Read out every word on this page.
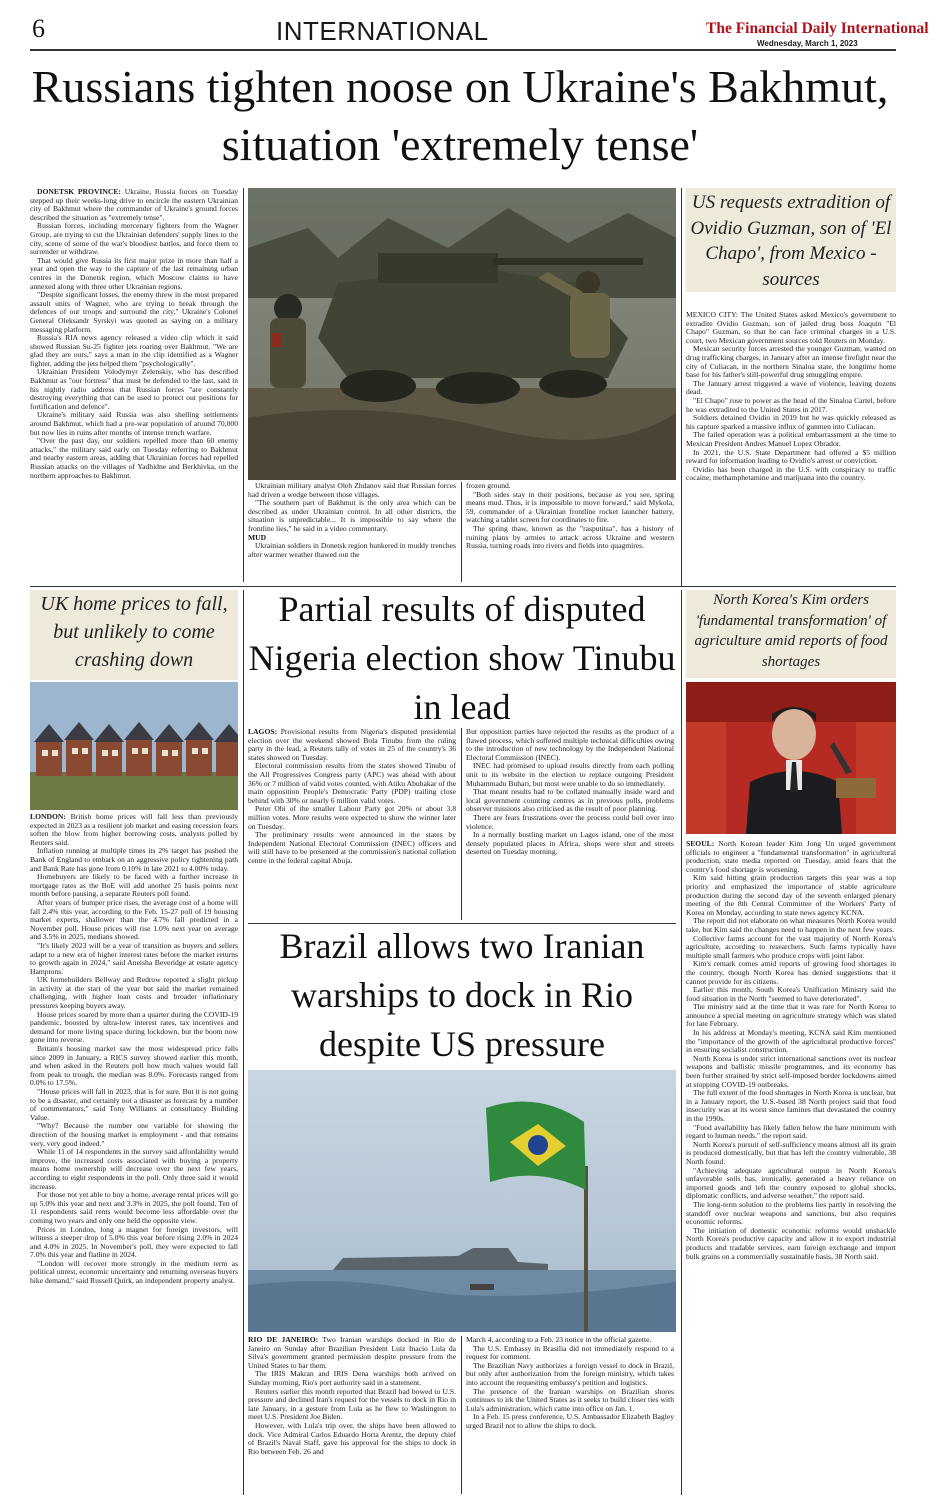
6	INTERNATIONAL	The Financial Daily International
Wednesday, March 1, 2023
Russians tighten noose on Ukraine's Bakhmut, situation 'extremely tense'

DONETSK PROVINCE: Ukraine, Russia forces on Tuesday stepped up their weeks-long drive to encircle the eastern Ukrainian city of Bakhmut where the commander of Ukraine's ground forces described the situation as "extremely tense".

Russian forces, including mercenary fighters from the Wagner Group, are trying to cut the Ukrainian defenders' supply lines to the city, scene of some of the war's bloodiest battles, and force them to surrender or withdraw.

That would give Russia its first major prize in more than half a year and open the way to the capture of the last remaining urban centres in the Donetsk region, which Moscow claims to have annexed along with three other Ukrainian regions.

"Despite significant losses, the enemy threw in the most prepared assault units of Wagner, who are trying to break through the defences of our troops and surround the city," Ukraine's Colonel General Oleksandr Syrskyi was quoted as saying on a military messaging platform.

Russia's RIA news agency released a video clip which it said showed Russian Su-25 fighter jets roaring over Bakhmut. "We are glad they are ours," says a man in the clip identified as a Wagner fighter, adding the jets helped them "psychologically".

Ukrainian President Volodymyr Zelenskiy, who has described Bakhmut as "our fortress" that must be defended to the last, said in his nightly radio address that Russian forces "are constantly destroying everything that can be used to protect our positions for fortification and defence".

Ukraine's military said Russia was also shelling settlements around Bakhmut, which had a pre-war population of around 70,000 but now lies in ruins after months of intense trench warfare.

"Over the past day, our soldiers repelled more than 60 enemy attacks," the military said early on Tuesday referring to Bakhmut and nearby eastern areas, adding that Ukrainian forces had repelled Russian attacks on the villages of Yadhidne and Berkhivka, on the northern approaches to Bakhmut.

Ukrainian military analyst Oleh Zhdanov said that Russian forces had driven a wedge between those villages.

"The southern part of Bakhmut is the only area which can be described as under Ukrainian control. In all other districts, the situation is unpredictable... It is impossible to say where the frontline lies," he said in a video commentary.

MUD

Ukrainian soldiers in Donetsk region hunkered in muddy trenches after warmer weather thawed out the

frozen ground.

"Both sides stay in their positions, because as you see, spring means mud. Thus, it is impossible to move forward," said Mykola, 59, commander of a Ukrainian frontline rocket launcher battery, watching a tablet screen for coordinates to fire.

The spring thaw, known as the "rasputitsa", has a history of ruining plans by armies to attack across Ukraine and western Russia, turning roads into rivers and fields into quagmires.

US requests extradition of Ovidio Guzman, son of 'El Chapo', from Mexico -sources

MEXICO CITY: The United States asked Mexico's government to extradite Ovidio Guzman, son of jailed drug boss Joaquin "El Chapo" Guzman, so that he can face criminal charges in a U.S. court, two Mexican government sources told Reuters on Monday.

Mexican security forces arrested the younger Guzman, wanted on drug trafficking charges, in January after an intense firefight near the city of Culiacan, in the northern Sinaloa state, the longtime home base for his father's still-powerful drug smuggling empire.

The January arrest triggered a wave of violence, leaving dozens dead.

"El Chapo" rose to power as the head of the Sinaloa Cartel, before he was extradited to the United States in 2017.

Soldiers detained Ovidio in 2019 but he was quickly released as his capture sparked a massive influx of gunmen into Culiacan.

The failed operation was a political embarrassment at the time to Mexican President Andres Manuel Lopez Obrador.

In 2021, the U.S. State Department had offered a $5 million reward for information leading to Ovidio's arrest or conviction.

Ovidio has been charged in the U.S. with conspiracy to traffic cocaine, methamphetamine and marijuana into the country.

UK home prices to fall, but unlikely to come crashing down

LONDON: British home prices will fall less than previously expected in 2023 as a resilient job market and easing recession fears soften the blow from higher borrowing costs, analysts polled by Reuters said.

Inflation running at multiple times its 2% target has pushed the Bank of England to embark on an aggressive policy tightening path and Bank Rate has gone from 0.10% in late 2021 to 4.00% today.

Homebuyers are likely to be faced with a further increase in mortgage rates as the BoE will add another 25 basis points next month before pausing, a separate Reuters poll found.

After years of bumper price rises, the average cost of a home will fall 2.4% this year, according to the Feb. 15-27 poll of 19 housing market experts, shallower than the 4.7% fall predicted in a November poll. House prices will rise 1.0% next year on average and 3.5% in 2025, medians showed.

"It's likely 2023 will be a year of transition as buyers and sellers adapt to a new era of higher interest rates before the market returns to growth again in 2024," said Aneisha Beveridge at estate agency Hamptons.

UK homebuilders Bellway and Redrow reported a slight pickup in activity at the start of the year but said the market remained challenging, with higher loan costs and broader inflationary pressures keeping buyers away.

House prices soared by more than a quarter during the COVID-19 pandemic, boosted by ultra-low interest rates, tax incentives and demand for more living space during lockdown, but the boom now gone into reverse.

Britain's housing market saw the most widespread price falls since 2009 in January, a RICS survey showed earlier this month, and when asked in the Reuters poll how much values would fall from peak to trough, the median was 8.0%. Forecasts ranged from 0.0% to 17.5%.

"House prices will fall in 2023, that is for sure. But it is not going to be a disaster, and certainly not a disaster as forecast by a number of commentators," said Tony Williams at consultancy Building Value.

"Why? Because the number one variable for showing the direction of the housing market is employment - and that remains very, very good indeed."

While 11 of 14 respondents in the survey said affordability would improve, the increased costs associated with buying a property means home ownership will decrease over the next few years, according to eight respondents in the poll. Only three said it would increase.

For those not yet able to buy a home, average rental prices will go up 5.0% this year and next and 3.3% in 2025, the poll found. Ten of 11 respondents said rents would become less affordable over the coming two years and only one held the opposite view.

Prices in London, long a magnet for foreign investors, will witness a steeper drop of 5.0% this year before rising 2.0% in 2024 and 4.0% in 2025. In November's poll, they were expected to fall 7.0% this year and flatline in 2024.

"London will recover more strongly in the medium term as political unrest, economic uncertainty and returning overseas buyers hike demand," said Russell Quirk, an independent property analyst.

Partial results of disputed Nigeria election show Tinubu in lead

LAGOS: Provisional results from Nigeria's disputed presidential election over the weekend showed Bola Tinubu from the ruling party in the lead, a Reuters tally of votes in 25 of the country's 36 states showed on Tuesday.

Electoral commission results from the states showed Tinubu of the All Progressives Congress party (APC) was ahead with about 36% or 7 million of valid votes counted, with Atiku Abubakar of the main opposition People's Democratic Party (PDP) trailing close behind with 30% or nearly 6 million valid votes.

Peter Obi of the smaller Labour Party got 20% or about 3.8 million votes. More results were expected to show the winner later on Tuesday.

The preliminary results were announced in the states by Independent National Electoral Commission (INEC) officers and will still have to be presented at the commission's national collation centre in the federal capital Abuja.

But opposition parties have rejected the results as the product of a flawed process, which suffered multiple technical difficulties owing to the introduction of new technology by the Independent National Electoral Commission (INEC).

INEC had promised to upload results directly from each polling unit to its website in the election to replace outgoing President Muhammadu Buhari, but most were unable to do so immediately.

That meant results had to be collated manually inside ward and local government counting centres as in previous polls, problems observer missions also criticised as the result of poor planning.

There are fears frustrations over the process could boil over into violence.

In a normally bustling market on Lagos island, one of the most densely populated places in Africa, shops were shut and streets deserted on Tuesday morning.

Brazil allows two Iranian warships to dock in Rio despite US pressure

RIO DE JANEIRO: Two Iranian warships docked in Rio de Janeiro on Sunday after Brazilian President Luiz Inacio Lula da Silva's government granted permission despite pressure from the United States to bar them.

The IRIS Makran and IRIS Dena warships both arrived on Sunday morning, Rio's port authority said in a statement.

Reuters earlier this month reported that Brazil had bowed to U.S. pressure and declined Iran's request for the vessels to dock in Rio in late January, in a gesture from Lula as he flew to Washington to meet U.S. President Joe Biden.

However, with Lula's trip over, the ships have been allowed to dock. Vice Admiral Carlos Eduardo Horta Arentz, the deputy chief of Brazil's Naval Staff, gave his approval for the ships to dock in Rio between Feb. 26 and

March 4, according to a Feb. 23 notice in the official gazette.

The U.S. Embassy in Brasilia did not immediately respond to a request for comment.

The Brazilian Navy authorizes a foreign vessel to dock in Brazil, but only after authorization from the foreign ministry, which takes into account the requesting embassy's petition and logistics.

The presence of the Iranian warships on Brazilian shores continues to irk the United States as it seeks to build closer ties with Lula's administration, which came into office on Jan. 1.

In a Feb. 15 press conference, U.S. Ambassador Elizabeth Bagley urged Brazil not to allow the ships to dock.

North Korea's Kim orders 'fundamental transformation' of agriculture amid reports of food shortages

SEOUL: North Korean leader Kim Jong Un urged government officials to engineer a "fundamental transformation" in agricultural production, state media reported on Tuesday, amid fears that the country's food shortage is worsening.

Kim said hitting grain production targets this year was a top priority and emphasized the importance of stable agriculture production during the second day of the seventh enlarged plenary meeting of the 8th Central Committee of the Workers' Party of Korea on Monday, according to state news agency KCNA.

The report did not elaborate on what measures North Korea would take, but Kim said the changes need to happen in the next few years.

Collective farms account for the vast majority of North Korea's agriculture, according to researchers. Such farms typically have multiple small farmers who produce crops with joint labor.

Kim's remark comes amid reports of growing food shortages in the country, though North Korea has denied suggestions that it cannot provide for its citizens.

Earlier this month, South Korea's Unification Ministry said the food situation in the North "seemed to have deteriorated".

The ministry said at the time that it was rare for North Korea to announce a special meeting on agriculture strategy which was slated for late February.

In his address at Monday's meeting, KCNA said Kim mentioned the "importance of the growth of the agricultural productive forces" in ensuring socialist construction.

North Korea is under strict international sanctions over its nuclear weapons and ballistic missile programmes, and its economy has been further strained by strict self-imposed border lockdowns aimed at stopping COVID-19 outbreaks.

The full extent of the food shortages in North Korea is unclear, but in a January report, the U.S.-based 38 North project said that food insecurity was at its worst since famines that devastated the country in the 1990s.

"Food availability has likely fallen below the bare minimum with regard to human needs," the report said.

North Korea's pursuit of self-sufficiency means almost all its grain is produced domestically, but that has left the country vulnerable, 38 North found.

"Achieving adequate agricultural output in North Korea's unfavorable soils has, ironically, generated a heavy reliance on imported goods and left the country exposed to global shocks, diplomatic conflicts, and adverse weather," the report said.

The long-term solution to the problems lies partly in resolving the standoff over nuclear weapons and sanctions, but also requires economic reforms.

The initiation of domestic economic reforms would unshackle North Korea's productive capacity and allow it to export industrial products and tradable services, earn foreign exchange and import bulk grains on a commercially sustainable basis, 38 North said.
